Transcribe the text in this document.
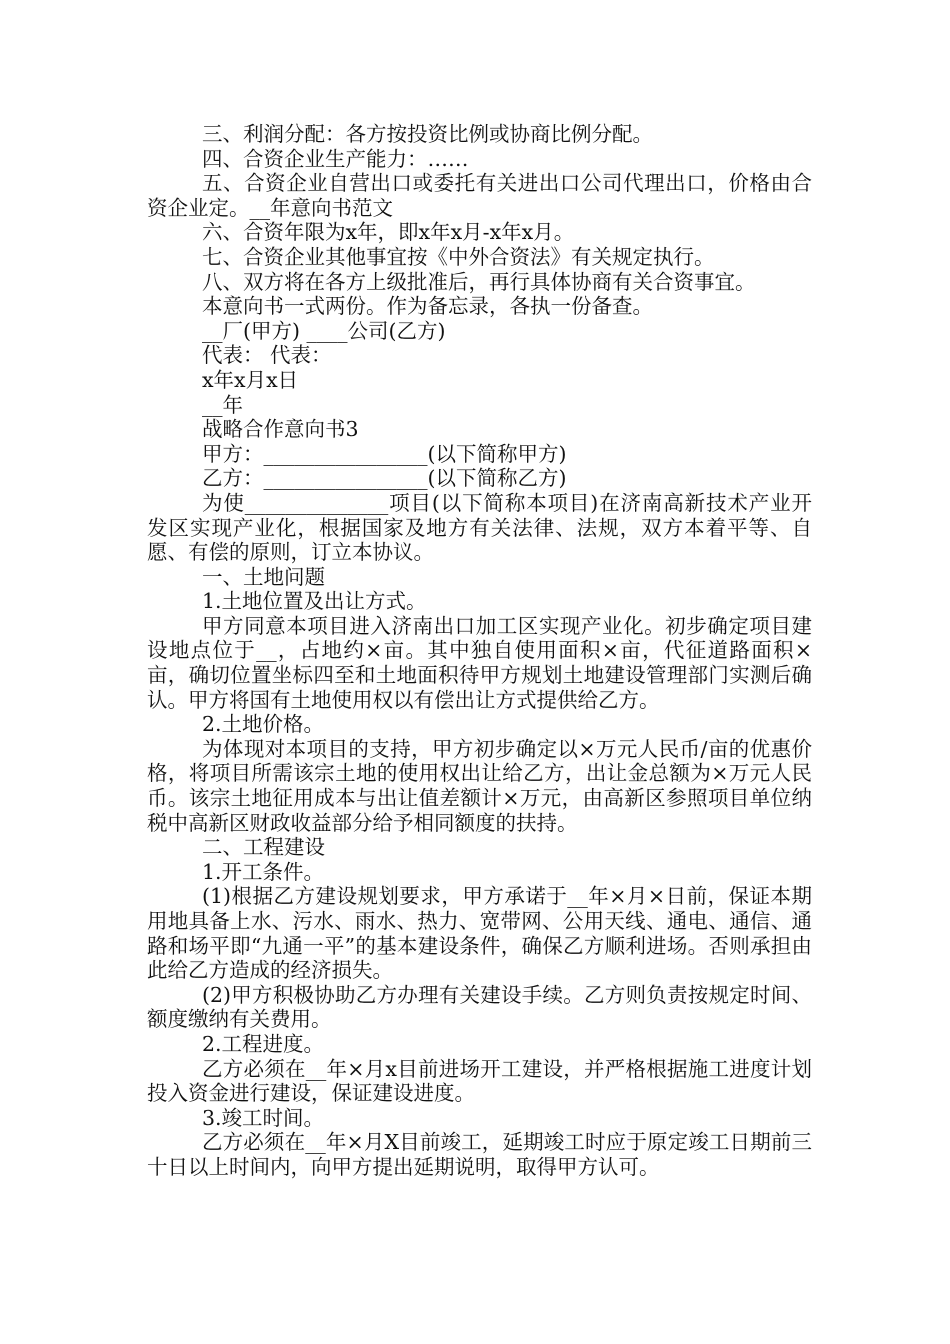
三、利润分配：各方按投资比例或协商比例分配。

四、合资企业生产能力：……

五、合资企业自营出口或委托有关进出口公司代理出口，价格由合资企业定。__年意向书范文

六、合资年限为x年，即x年x月-x年x月。

七、合资企业其他事宜按《中外合资法》有关规定执行。

八、双方将在各方上级批准后，再行具体协商有关合资事宜。

本意向书一式两份。作为备忘录，各执一份备查。

__厂(甲方) ____公司(乙方)

代表： 代表：

x年x月x日

__年

战略合作意向书3

甲方：________________(以下简称甲方)

乙方：________________(以下简称乙方)

为使______________项目(以下简称本项目)在济南高新技术产业开发区实现产业化，根据国家及地方有关法律、法规，双方本着平等、自愿、有偿的原则，订立本协议。

一、土地问题

1.土地位置及出让方式。

甲方同意本项目进入济南出口加工区实现产业化。初步确定项目建设地点位于__，占地约×亩。其中独自使用面积×亩，代征道路面积×亩，确切位置坐标四至和土地面积待甲方规划土地建设管理部门实测后确认。甲方将国有土地使用权以有偿出让方式提供给乙方。

2.土地价格。

为体现对本项目的支持，甲方初步确定以×万元人民币/亩的优惠价格，将项目所需该宗土地的使用权出让给乙方，出让金总额为×万元人民币。该宗土地征用成本与出让值差额计×万元，由高新区参照项目单位纳税中高新区财政收益部分给予相同额度的扶持。

二、工程建设

1.开工条件。

(1)根据乙方建设规划要求，甲方承诺于__年×月×日前，保证本期用地具备上水、污水、雨水、热力、宽带网、公用天线、通电、通信、通路和场平即“九通一平”的基本建设条件，确保乙方顺利进场。否则承担由此给乙方造成的经济损失。

(2)甲方积极协助乙方办理有关建设手续。乙方则负责按规定时间、额度缴纳有关费用。

2.工程进度。

乙方必须在__年×月x目前进场开工建设，并严格根据施工进度计划投入资金进行建设，保证建设进度。

3.竣工时间。

乙方必须在__年×月X目前竣工，延期竣工时应于原定竣工日期前三十日以上时间内，向甲方提出延期说明，取得甲方认可。
